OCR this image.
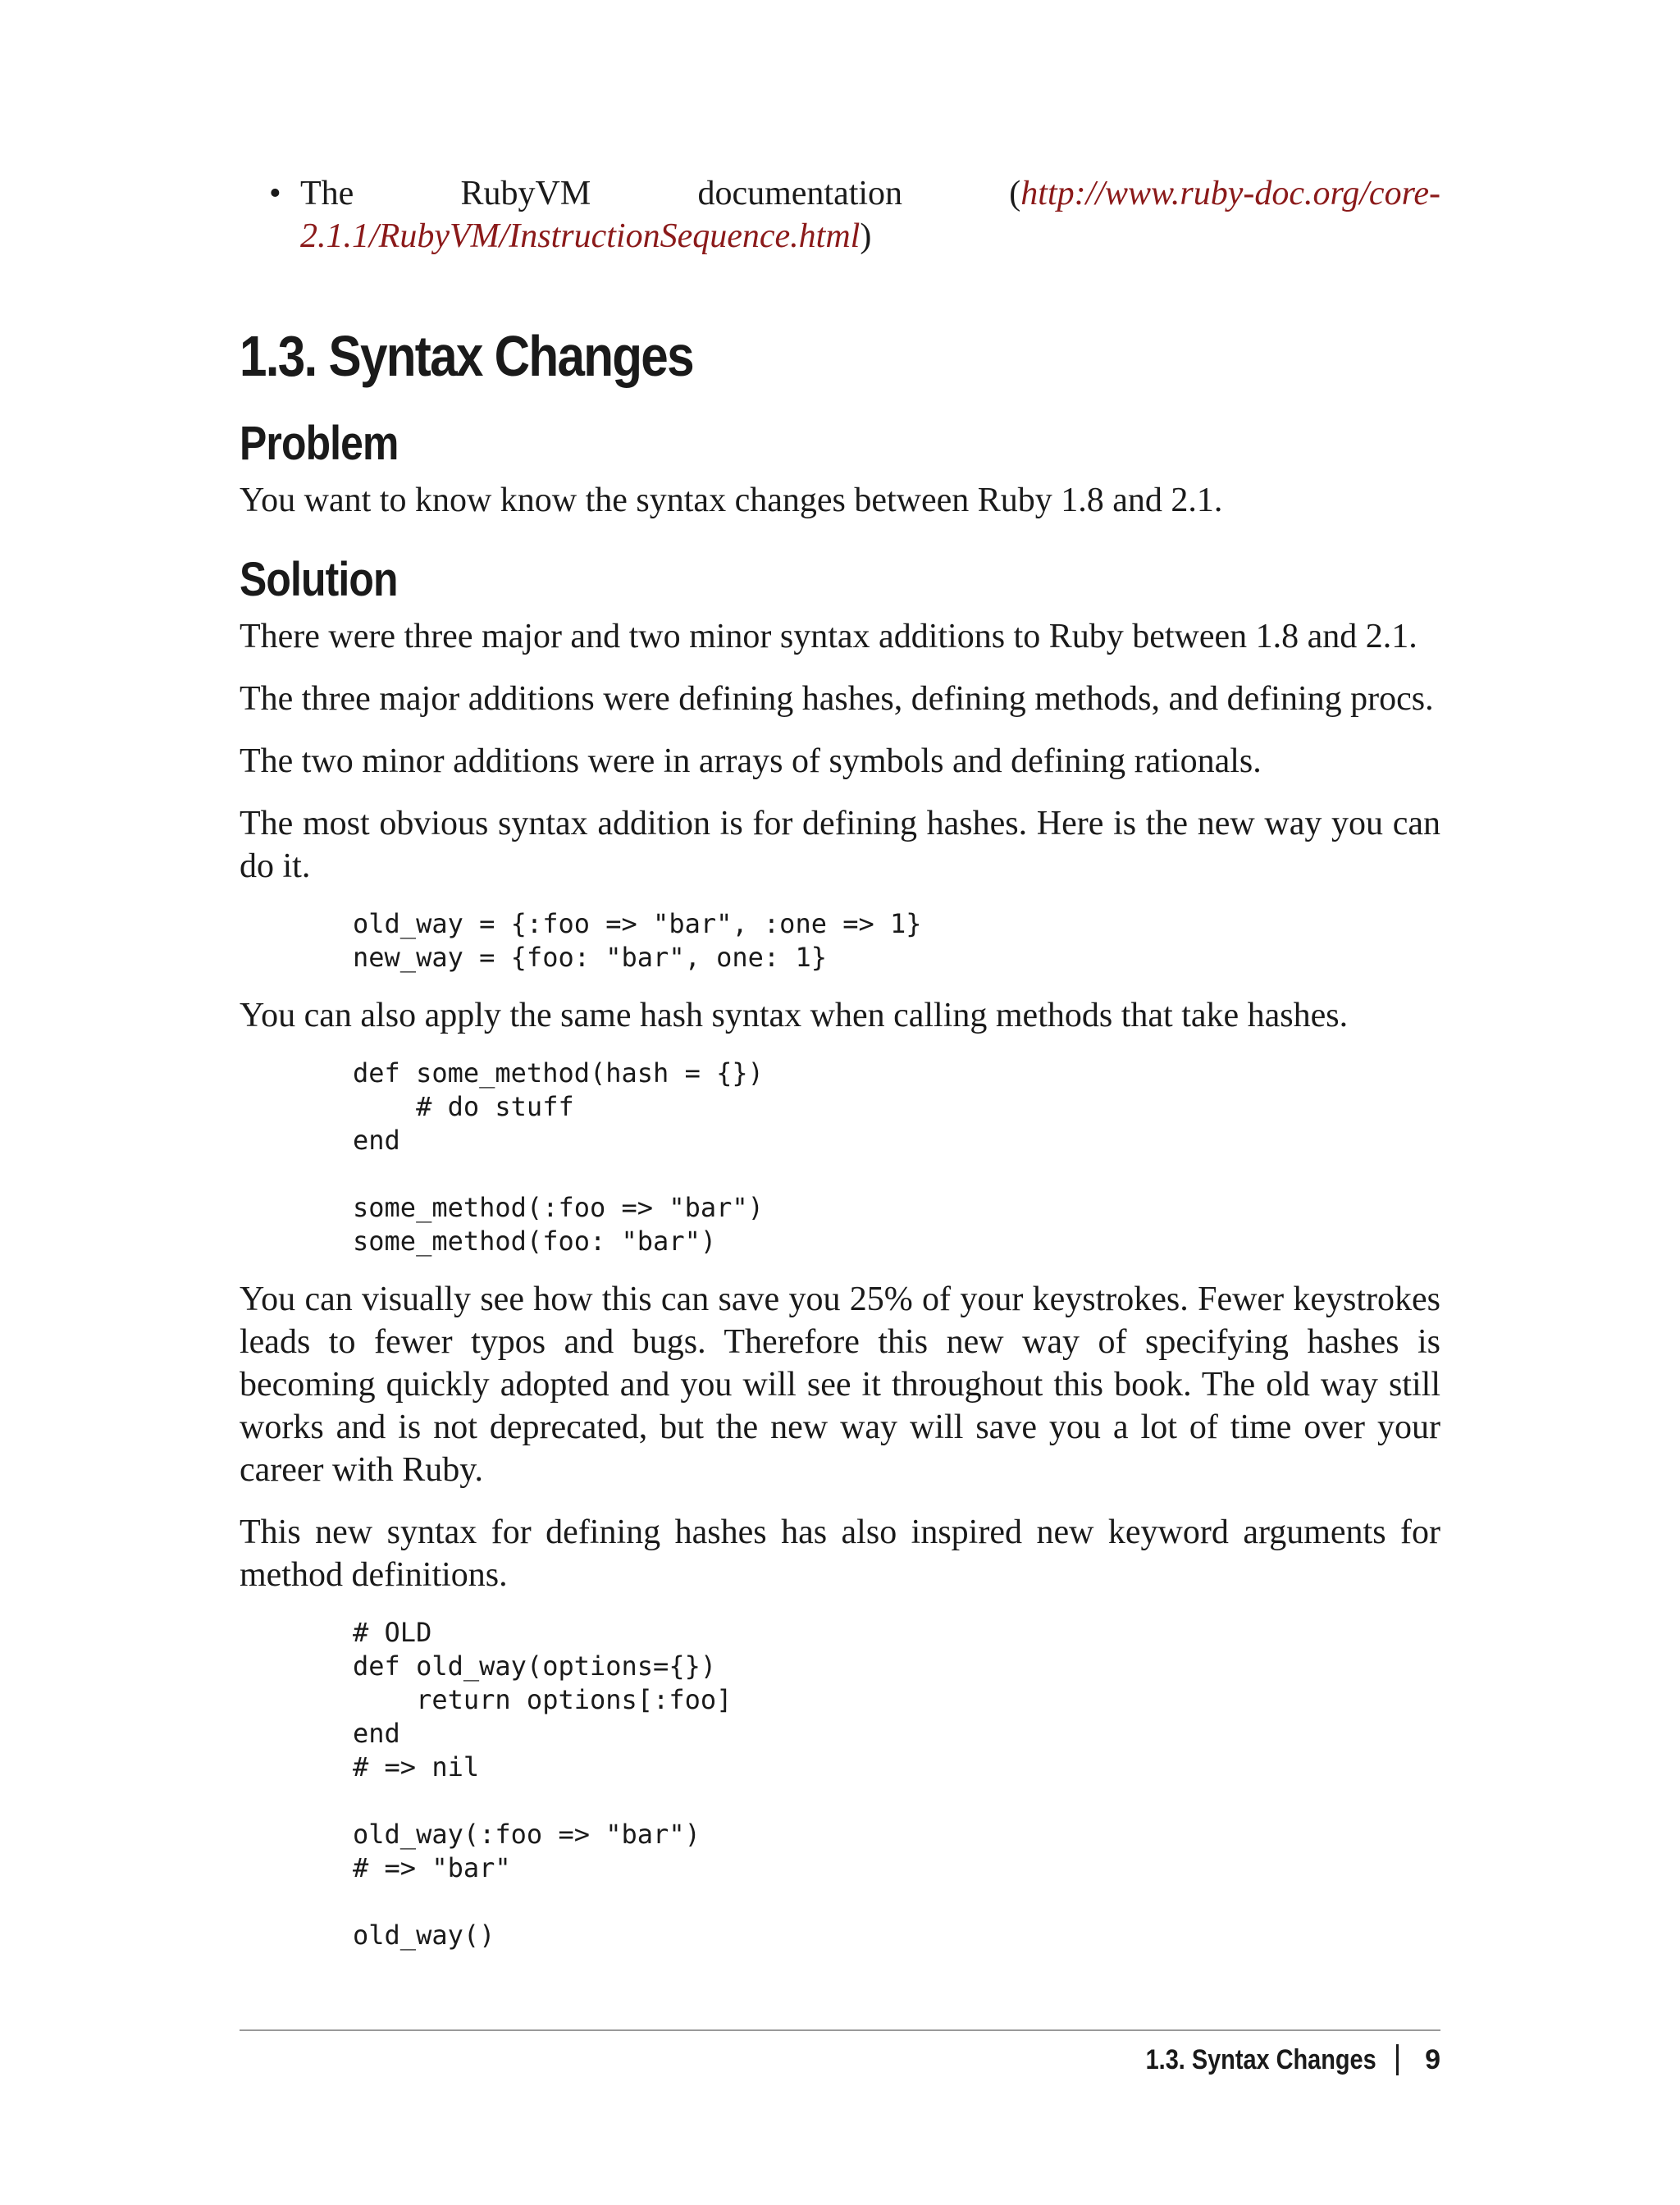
• The RubyVM documentation (http://www.ruby-doc.org/core-2.1.1/RubyVM/InstructionSequence.html)
1.3. Syntax Changes
Problem

You want to know know the syntax changes between Ruby 1.8 and 2.1.

Solution

There were three major and two minor syntax additions to Ruby between 1.8 and 2.1.

The three major additions were defining hashes, defining methods, and defining procs.

The two minor additions were in arrays of symbols and defining rationals.

The most obvious syntax addition is for defining hashes. Here is the new way you can do it.

old_way = {:foo => "bar", :one => 1}
new_way = {foo: "bar", one: 1}

You can also apply the same hash syntax when calling methods that take hashes.

def some_method(hash = {})
# do stuff
end

some_method(:foo => "bar")
some_method(foo: "bar")

You can visually see how this can save you 25% of your keystrokes. Fewer keystrokes leads to fewer typos and bugs. Therefore this new way of specifying hashes is becoming quickly adopted and you will see it throughout this book. The old way still works and is not deprecated, but the new way will save you a lot of time over your career with Ruby.

This new syntax for defining hashes has also inspired new keyword arguments for method definitions.

# OLD
def old_way(options={})
return options[:foo]
end
# => nil

old_way(:foo => "bar")
# => "bar"

old_way()
1.3. Syntax Changes 9
